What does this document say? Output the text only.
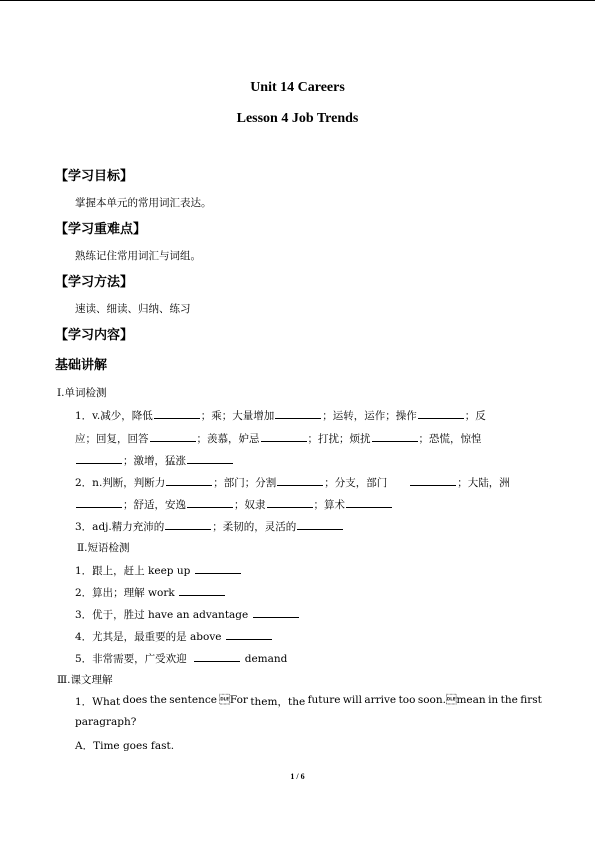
Unit 14 Careers
Lesson 4 Job Trends
【学习目标】
掌握本单元的常用词汇表达。
【学习重难点】
熟练记住常用词汇与词组。
【学习方法】
速读、细读、归纳、练习
【学习内容】
基础讲解
Ⅰ.单词检测
1．v.减少，降低	；乘；大量增加	；运转，运作；操作	；反
应；回复，回答	；羡慕，妒忌	；打扰；烦扰	；恐慌，惊惶
；激增，猛涨
2．n.判断，判断力	；部门；分割	；分支，部门	；大陆，洲
；舒适，安逸	；奴隶	；算术
3．adj.精力充沛的	；柔韧的，灵活的
Ⅱ.短语检测
1．跟上，赶上 keep up
2．算出；理解 work
3．优于，胜过 have an advantage
4．尤其是，最重要的是 above
5．非常需要，广受欢迎	demand
Ⅲ.课文理解
1．What does the sentence For them，the future will arrive too soon.mean in the first
paragraph?
A．Time goes fast.
1 / 6
